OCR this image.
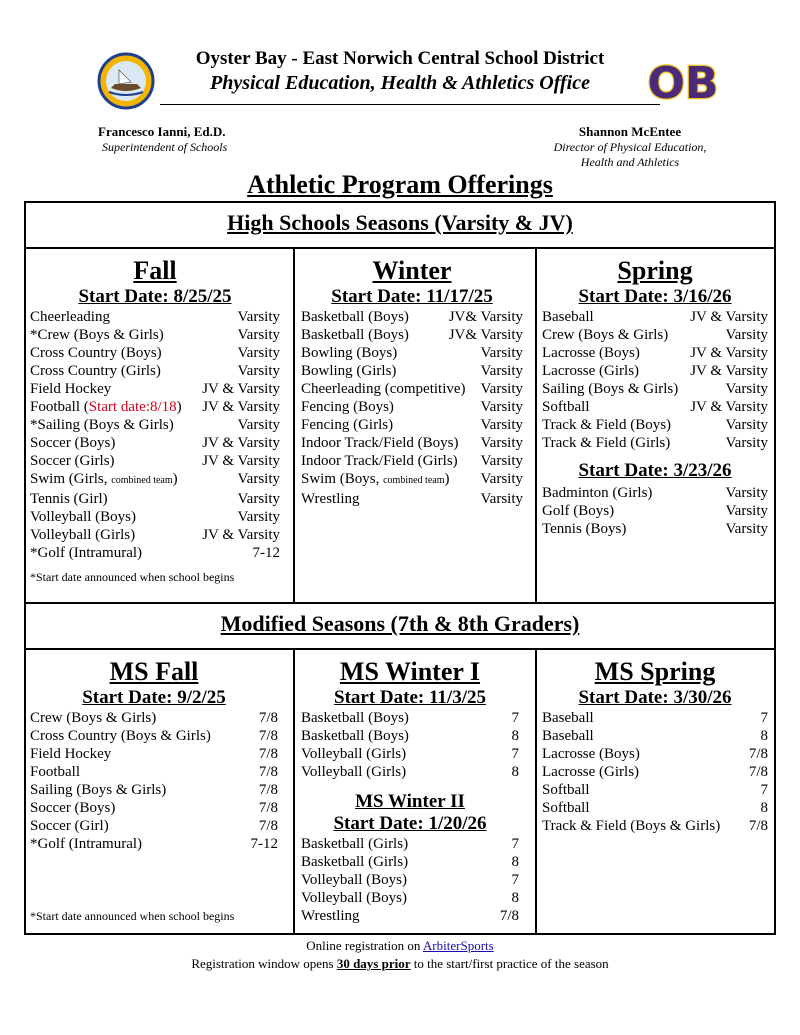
Oyster Bay - East Norwich Central School District
Physical Education, Health & Athletics Office	OB
Francesco Ianni, Ed.D.
Superintendent of Schools
Shannon McEntee
Director of Physical Education,
Health and Athletics
Athletic Program Offerings
High Schools Seasons (Varsity & JV)
Modified Seasons (7th & 8th Graders)
Fall
Start Date: 8/25/25
Cheerleading	Varsity
*Crew (Boys & Girls)	Varsity
Cross Country (Boys)	Varsity
Cross Country (Girls)	Varsity
Field Hockey	JV & Varsity
Football (Start date:8/18) JV & Varsity
*Sailing (Boys & Girls)	Varsity
Soccer (Boys)	JV & Varsity
Soccer (Girls)	JV & Varsity
Swim (Girls, combined team)	Varsity
Tennis (Girl)	Varsity
Volleyball (Boys)	Varsity
Volleyball (Girls)	JV & Varsity
*Golf (Intramural)	7-12
*Start date announced when school begins
Winter
Start Date: 11/17/25
Basketball (Boys)	JV& Varsity
Basketball (Boys)	JV& Varsity
Bowling (Boys)	Varsity
Bowling (Girls)	Varsity
Cheerleading (competitive) Varsity
Fencing (Boys)	Varsity
Fencing (Girls)	Varsity
Indoor Track/Field (Boys) Varsity
Indoor Track/Field (Girls) Varsity
Swim (Boys, combined team) Varsity
Wrestling	Varsity
Spring
Start Date: 3/16/26
Baseball	JV & Varsity
Crew (Boys & Girls)	Varsity
Lacrosse (Boys)	JV & Varsity
Lacrosse (Girls)	JV & Varsity
Sailing (Boys & Girls)	Varsity
Softball	JV & Varsity
Track & Field (Boys)	Varsity
Track & Field (Girls)	Varsity
Start Date: 3/23/26
Badminton (Girls)	Varsity
Golf (Boys)	Varsity
Tennis (Boys)	Varsity
MS Fall
Start Date: 9/2/25
Crew (Boys & Girls)	7/8
Cross Country (Boys & Girls)	7/8
Field Hockey	7/8
Football	7/8
Sailing (Boys & Girls)	7/8
Soccer (Boys)	7/8
Soccer (Girl)	7/8
*Golf (Intramural)	7-12
*Start date announced when school begins
MS Winter I
Start Date: 11/3/25
Basketball (Boys)	7
Basketball (Boys)	8
Volleyball (Girls)	7
Volleyball (Girls)	8
MS Winter II
Start Date: 1/20/26
Basketball (Girls)	7
Basketball (Girls)	8
Volleyball (Boys)	7
Volleyball (Boys)	8
Wrestling	7/8
MS Spring
Start Date: 3/30/26
Baseball	7
Baseball	8
Lacrosse (Boys)	7/8
Lacrosse (Girls)	7/8
Softball	7
Softball	8
Track & Field (Boys & Girls) 7/8
Online registration on ArbiterSports
Registration window opens 30 days prior to the start/first practice of the season
